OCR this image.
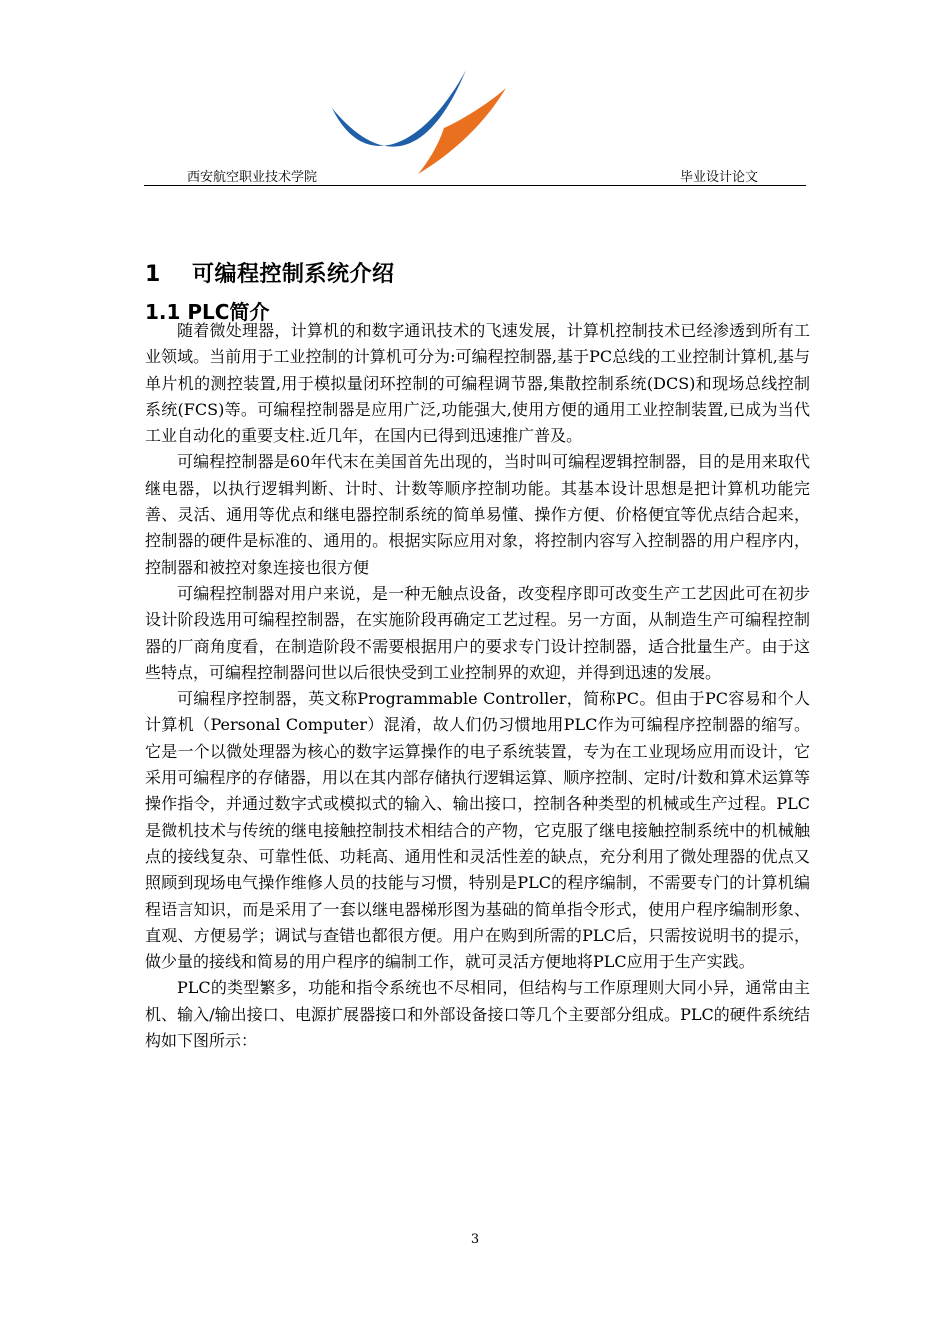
西安航空职业技术学院	毕业设计论文
1 可编程控制系统介绍
1.1 PLC简介

随着微处理器，计算机的和数字通讯技术的飞速发展，计算机控制技术已经渗透到所有工业领域。当前用于工业控制的计算机可分为:可编程控制器,基于PC总线的工业控制计算机,基与单片机的测控装置,用于模拟量闭环控制的可编程调节器,集散控制系统(DCS)和现场总线控制系统(FCS)等。可编程控制器是应用广泛,功能强大,使用方便的通用工业控制装置,已成为当代工业自动化的重要支柱.近几年，在国内已得到迅速推广普及。

可编程控制器是60年代末在美国首先出现的，当时叫可编程逻辑控制器，目的是用来取代继电器，以执行逻辑判断、计时、计数等顺序控制功能。其基本设计思想是把计算机功能完善、灵活、通用等优点和继电器控制系统的简单易懂、操作方便、价格便宜等优点结合起来，控制器的硬件是标准的、通用的。根据实际应用对象，将控制内容写入控制器的用户程序内，控制器和被控对象连接也很方便

可编程控制器对用户来说，是一种无触点设备，改变程序即可改变生产工艺因此可在初步设计阶段选用可编程控制器，在实施阶段再确定工艺过程。另一方面，从制造生产可编程控制器的厂商角度看，在制造阶段不需要根据用户的要求专门设计控制器，适合批量生产。由于这些特点，可编程控制器问世以后很快受到工业控制界的欢迎，并得到迅速的发展。

可编程序控制器，英文称Programmable Controller，简称PC。但由于PC容易和个人计算机（Personal Computer）混淆，故人们仍习惯地用PLC作为可编程序控制器的缩写。它是一个以微处理器为核心的数字运算操作的电子系统装置，专为在工业现场应用而设计，它采用可编程序的存储器，用以在其内部存储执行逻辑运算、顺序控制、定时/计数和算术运算等操作指令，并通过数字式或模拟式的输入、输出接口，控制各种类型的机械或生产过程。PLC是微机技术与传统的继电接触控制技术相结合的产物，它克服了继电接触控制系统中的机械触点的接线复杂、可靠性低、功耗高、通用性和灵活性差的缺点，充分利用了微处理器的优点又照顾到现场电气操作维修人员的技能与习惯，特别是PLC的程序编制，不需要专门的计算机编程语言知识，而是采用了一套以继电器梯形图为基础的简单指令形式，使用户程序编制形象、直观、方便易学；调试与查错也都很方便。用户在购到所需的PLC后，只需按说明书的提示，做少量的接线和简易的用户程序的编制工作，就可灵活方便地将PLC应用于生产实践。

PLC的类型繁多，功能和指令系统也不尽相同，但结构与工作原理则大同小异，通常由主机、输入/输出接口、电源扩展器接口和外部设备接口等几个主要部分组成。PLC的硬件系统结构如下图所示：

3
